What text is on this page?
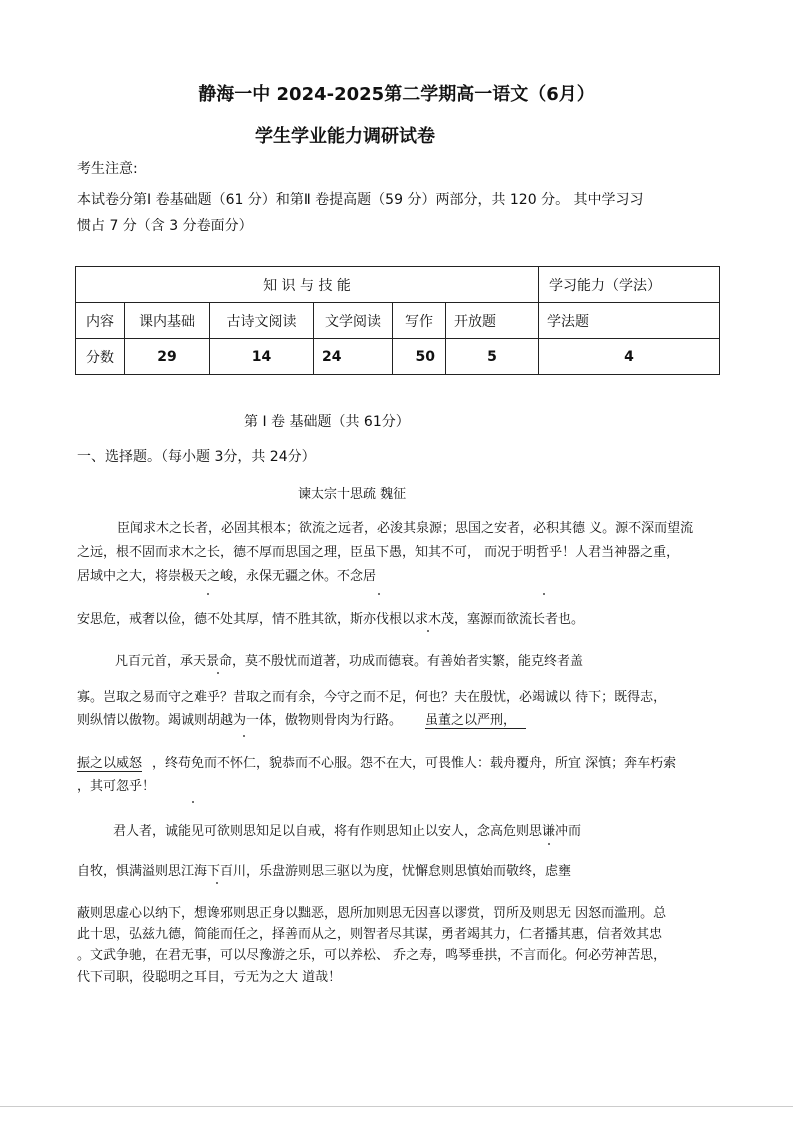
静海一中 2024-2025第二学期高一语文（6月）
学生学业能力调研试卷
考生注意:
本试卷分第Ⅰ 卷基础题（61 分）和第Ⅱ 卷提高题（59 分）两部分，共 120 分。 其中学习习
惯占 7 分（含 3 分卷面分）
知 识 与 技 能						学习能力（学法）
内容	课内基础	古诗文阅读	文学阅读	写作	开放题	学法题
分数	29	14	24	50	5	4
第 Ⅰ 卷 基础题（共 61分）
一、选择题。（每小题 3分，共 24分）
谏太宗十思疏 魏征
臣闻求木之长者，必固其根本；欲流之远者，必浚其泉源；思国之安者，必积其德 义。源不深而望流
之远，根不固而求木之长，德不厚而思国之理，臣虽下愚，知其不可， 而况于明哲乎！人君当神器之重，
居域中之大，将崇极天之峻，永保无疆之休。不念居
安思危，戒奢以俭，德不处其厚，情不胜其欲，斯亦伐根以求木茂，塞源而欲流长者也。
凡百元首，承天景命，莫不殷忧而道著，功成而德衰。有善始者实繁，能克终者盖
寡。岂取之易而守之难乎？昔取之而有余，今守之而不足，何也？夫在殷忧，必竭诚以 待下；既得志，
则纵情以傲物。竭诚则胡越为一体，傲物则骨肉为行路。 虽董之以严刑，
振之以威怒 ，终苟免而不怀仁，貌恭而不心服。怨不在大，可畏惟人：载舟覆舟，所宜 深慎；奔车朽索
，其可忽乎！
君人者，诚能见可欲则思知足以自戒，将有作则思知止以安人，念高危则思谦冲而
自牧，惧满溢则思江海下百川，乐盘游则思三驱以为度，忧懈怠则思慎始而敬终，虑壅
蔽则思虚心以纳下，想谗邪则思正身以黜恶，恩所加则思无因喜以谬赏，罚所及则思无 因怒而滥刑。总
此十思，弘兹九德，简能而任之，择善而从之，则智者尽其谋，勇者竭其力，仁者播其惠，信者效其忠
。文武争驰，在君无事，可以尽豫游之乐，可以养松、 乔之寿，鸣琴垂拱，不言而化。何必劳神苦思，
代下司职，役聪明之耳目，亏无为之大 道哉！
